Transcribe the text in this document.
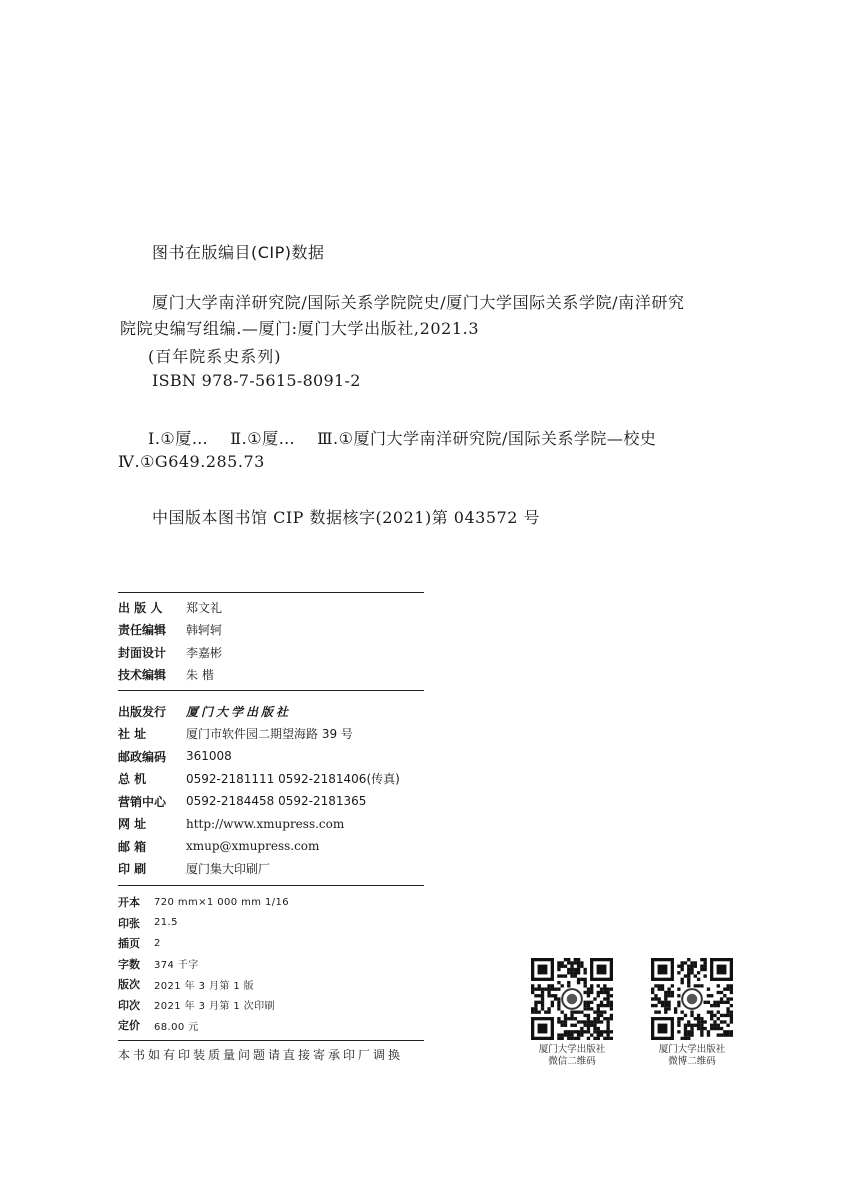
图书在版编目(CIP)数据
厦门大学南洋研究院/国际关系学院院史/厦门大学国际关系学院/南洋研究
院院史编写组编.—厦门:厦门大学出版社,2021.3
(百年院系史系列)
ISBN 978-7-5615-8091-2
Ⅰ.①厦… Ⅱ.①厦… Ⅲ.①厦门大学南洋研究院/国际关系学院—校史
Ⅳ.①G649.285.73
中国版本图书馆 CIP 数据核字(2021)第 043572 号
出 版 人	郑文礼
责任编辑	韩轲轲
封面设计	李嘉彬
技术编辑	朱 楷
出版发行	厦门大学出版社
社 址	厦门市软件园二期望海路 39 号
邮政编码	361008
总 机	0592-2181111 0592-2181406(传真)
营销中心	0592-2184458 0592-2181365
网 址	http://www.xmupress.com
邮 箱	xmup@xmupress.com
印 刷	厦门集大印刷厂
开本	720 mm×1 000 mm 1/16
印张	21.5
插页	2
字数	374 千字
版次	2021 年 3 月第 1 版
印次	2021 年 3 月第 1 次印刷
定价	68.00 元
本书如有印装质量问题请直接寄承印厂调换	厦门大学出版社
微信二维码
厦门大学出版社
微博二维码
